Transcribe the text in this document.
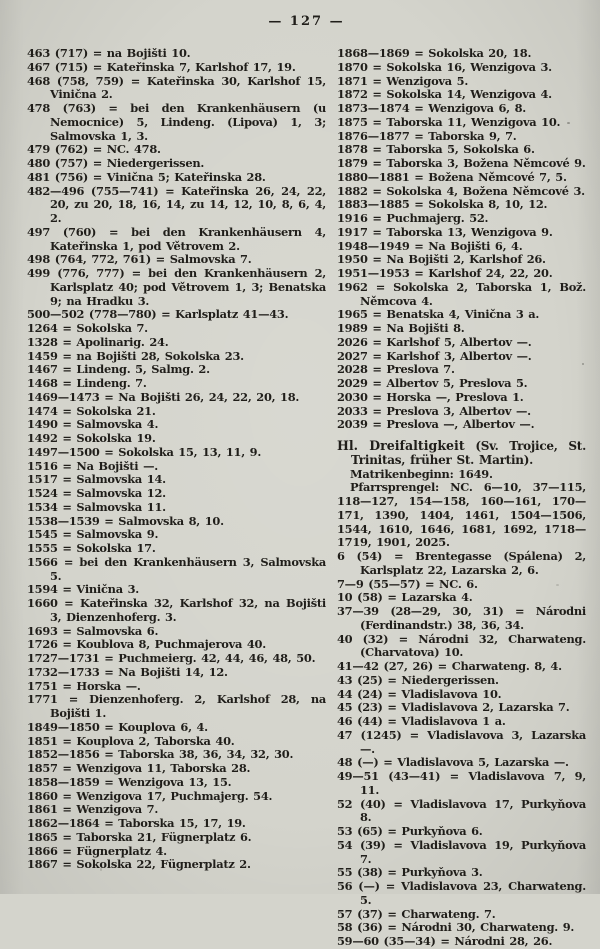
— 127 —

463 (717) = na Bojišti 10.

467 (715) = Kateřinska 7, Karlshof 17, 19.

468 (758, 759) = Kateřinska 30, Karlshof 15, Vinična 2.

478 (763) = bei den Krankenhäusern (u Nemocnice) 5, Lindeng. (Lipova) 1, 3; Salmovska 1, 3.

479 (762) = NC. 478.

480 (757) = Niedergerissen.

481 (756) = Vinična 5; Kateřinska 28.

482—496 (755—741) = Kateřinska 26, 24, 22, 20, zu 20, 18, 16, 14, zu 14, 12, 10, 8, 6, 4, 2.

497 (760) = bei den Krankenhäusern 4, Kateřinska 1, pod Větrovem 2.

498 (764, 772, 761) = Salmovska 7.

499 (776, 777) = bei den Krankenhäusern 2, Karlsplatz 40; pod Větrovem 1, 3; Benatska 9; na Hradku 3.

500—502 (778—780) = Karlsplatz 41—43.

1264 = Sokolska 7.

1328 = Apolinarig. 24.

1459 = na Bojišti 28, Sokolska 23.

1467 = Lindeng. 5, Salmg. 2.

1468 = Lindeng. 7.

1469—1473 = Na Bojišti 26, 24, 22, 20, 18.

1474 = Sokolska 21.

1490 = Salmovska 4.

1492 = Sokolska 19.

1497—1500 = Sokolska 15, 13, 11, 9.

1516 = Na Bojišti —.

1517 = Salmovska 14.

1524 = Salmovska 12.

1534 = Salmovska 11.

1538—1539 = Salmovska 8, 10.

1545 = Salmovska 9.

1555 = Sokolska 17.

1566 = bei den Krankenhäusern 3, Salmovska 5.

1594 = Vinična 3.

1660 = Kateřinska 32, Karlshof 32, na Bojišti 3, Dienzenhoferg. 3.

1693 = Salmovska 6.

1726 = Koublova 8, Puchmajerova 40.

1727—1731 = Puchmeierg. 42, 44, 46, 48, 50.

1732—1733 = Na Bojišti 14, 12.

1751 = Horska —.

1771 = Dienzenhoferg. 2, Karlshof 28, na Bojišti 1.

1849—1850 = Kouplova 6, 4.

1851 = Kouplova 2, Taborska 40.

1852—1856 = Taborska 38, 36, 34, 32, 30.

1857 = Wenzigova 11, Taborska 28.

1858—1859 = Wenzigova 13, 15.

1860 = Wenzigova 17, Puchmajerg. 54.

1861 = Wenzigova 7.

1862—1864 = Taborska 15, 17, 19.

1865 = Taborska 21, Fügnerplatz 6.

1866 = Fügnerplatz 4.

1867 = Sokolska 22, Fügnerplatz 2.

1868—1869 = Sokolska 20, 18.

1870 = Sokolska 16, Wenzigova 3.

1871 = Wenzigova 5.

1872 = Sokolska 14, Wenzigova 4.

1873—1874 = Wenzigova 6, 8.

1875 = Taborska 11, Wenzigova 10.

1876—1877 = Taborska 9, 7.

1878 = Taborska 5, Sokolska 6.

1879 = Taborska 3, Božena Němcové 9.

1880—1881 = Božena Němcové 7, 5.

1882 = Sokolska 4, Božena Němcové 3.

1883—1885 = Sokolska 8, 10, 12.

1916 = Puchmajerg. 52.

1917 = Taborska 13, Wenzigova 9.

1948—1949 = Na Bojišti 6, 4.

1950 = Na Bojišti 2, Karlshof 26.

1951—1953 = Karlshof 24, 22, 20.

1962 = Sokolska 2, Taborska 1, Bož. Němcova 4.

1965 = Benatska 4, Vinična 3 a.

1989 = Na Bojišti 8.

2026 = Karlshof 5, Albertov —.

2027 = Karlshof 3, Albertov —.

2028 = Preslova 7.

2029 = Albertov 5, Preslova 5.

2030 = Horska —, Preslova 1.

2033 = Preslova 3, Albertov —.

2039 = Preslova —, Albertov —.

Hl. Dreifaltigkeit (Sv. Trojice, St. Trinitas, früher St. Martin).

Matrikenbeginn: 1649.

Pfarrsprengel: NC. 6—10, 37—115, 118—127, 154—158, 160—161, 170—171, 1390, 1404, 1461, 1504—1506, 1544, 1610, 1646, 1681, 1692, 1718—1719, 1901, 2025.

6 (54) = Brentegasse (Spálena) 2, Karlsplatz 22, Lazarska 2, 6.

7—9 (55—57) = NC. 6.

10 (58) = Lazarska 4.

37—39 (28—29, 30, 31) = Národni (Ferdinandstr.) 38, 36, 34.

40 (32) = Národni 32, Charwateng. (Charvatova) 10.

41—42 (27, 26) = Charwateng. 8, 4.

43 (25) = Niedergerissen.

44 (24) = Vladislavova 10.

45 (23) = Vladislavova 2, Lazarska 7.

46 (44) = Vladislavova 1 a.

47 (1245) = Vladislavova 3, Lazarska —.

48 (—) = Vladislavova 5, Lazarska —.

49—51 (43—41) = Vladislavova 7, 9, 11.

52 (40) = Vladislavova 17, Purkyňova 8.

53 (65) = Purkyňova 6.

54 (39) = Vladislavova 19, Purkyňova 7.

55 (38) = Purkyňova 3.

56 (—) = Vladislavova 23, Charwateng. 5.

57 (37) = Charwateng. 7.

58 (36) = Národni 30, Charwateng. 9.

59—60 (35—34) = Národni 28, 26.
